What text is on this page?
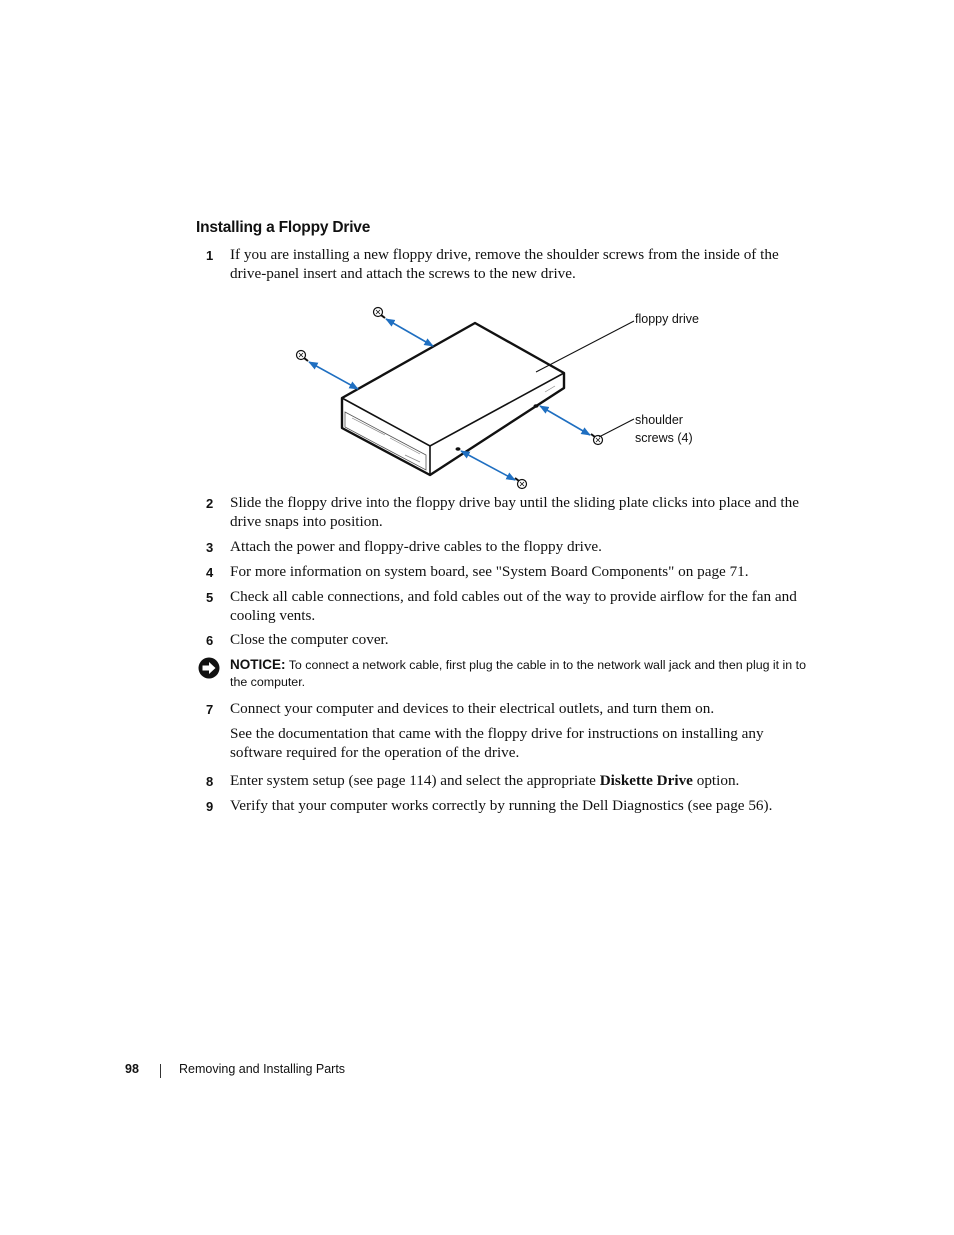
Installing a Floppy Drive
1	If you are installing a new floppy drive, remove the shoulder screws from the inside of the drive-panel insert and attach the screws to the new drive.
floppy drive
shoulder screws (4)
2	Slide the floppy drive into the floppy drive bay until the sliding plate clicks into place and the drive snaps into position.
3	Attach the power and floppy-drive cables to the floppy drive.
4	For more information on system board, see "System Board Components" on page 71.
5	Check all cable connections, and fold cables out of the way to provide airflow for the fan and cooling vents.
6	Close the computer cover.
NOTICE: To connect a network cable, first plug the cable in to the network wall jack and then plug it in to the computer.
7	Connect your computer and devices to their electrical outlets, and turn them on.
See the documentation that came with the floppy drive for instructions on installing any software required for the operation of the drive.
8	Enter system setup (see page 114) and select the appropriate Diskette Drive option.
9	Verify that your computer works correctly by running the Dell Diagnostics (see page 56).
98	Removing and Installing Parts
